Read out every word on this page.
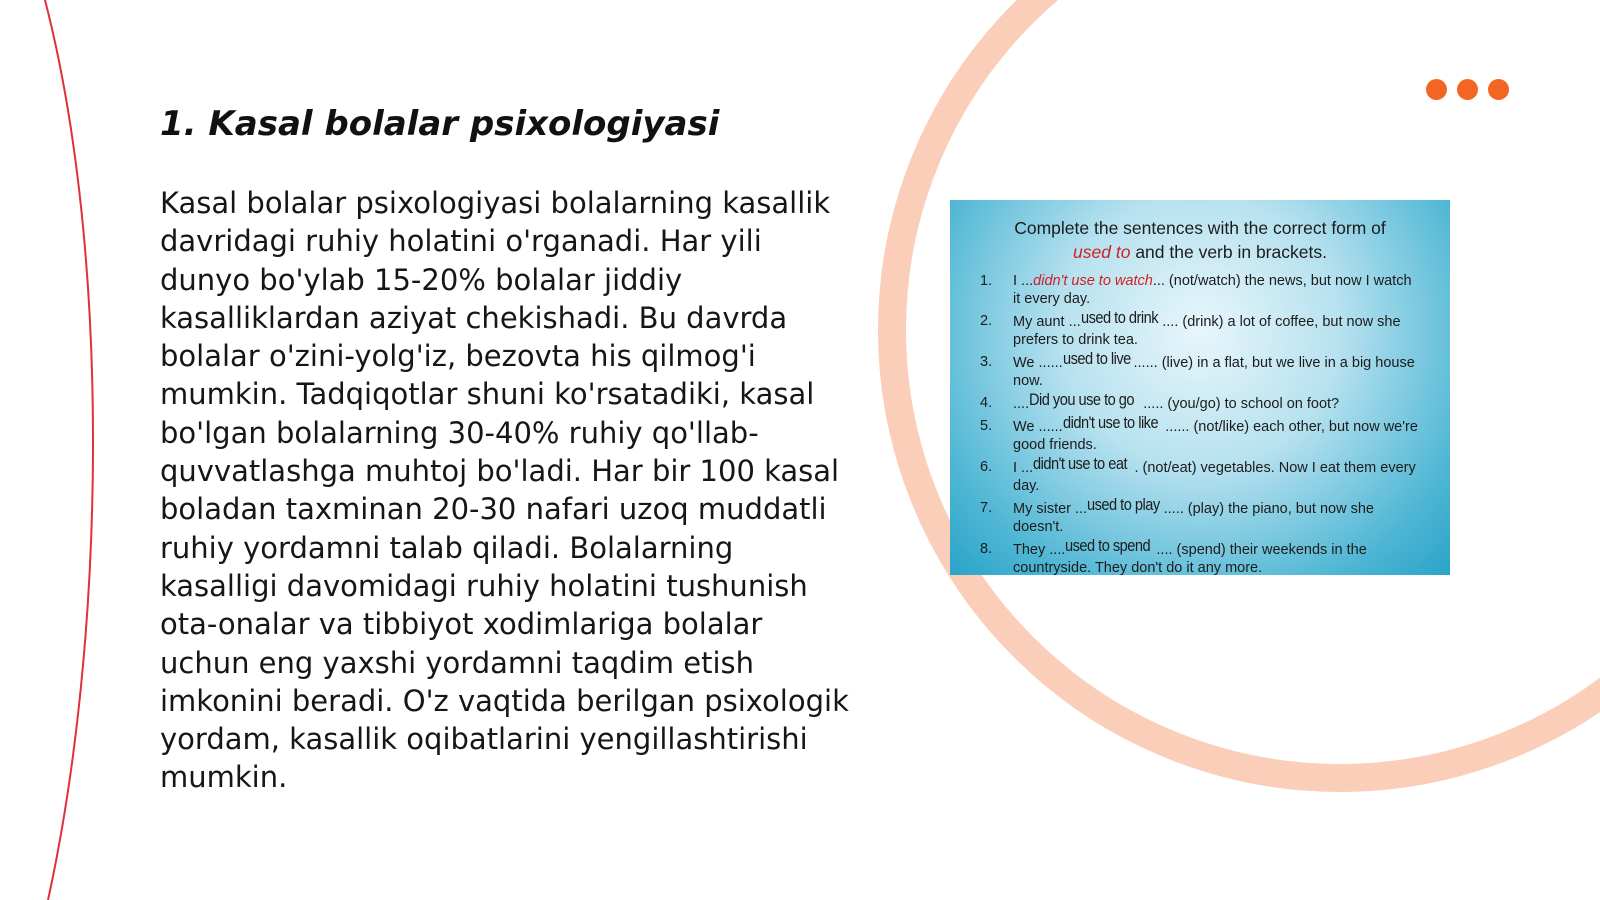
1. Kasal bolalar psixologiyasi

Kasal bolalar psixologiyasi bolalarning kasallik davridagi ruhiy holatini o'rganadi. Har yili dunyo bo'ylab 15-20% bolalar jiddiy kasalliklardan aziyat chekishadi. Bu davrda bolalar o'zini-yolg'iz, bezovta his qilmog'i mumkin. Tadqiqotlar shuni ko'rsatadiki, kasal bo'lgan bolalarning 30-40% ruhiy qo'llab-quvvatlashga muhtoj bo'ladi. Har bir 100 kasal boladan taxminan 20-30 nafari uzoq muddatli ruhiy yordamni talab qiladi. Bolalarning kasalligi davomidagi ruhiy holatini tushunish ota-onalar va tibbiyot xodimlariga bolalar uchun eng yaxshi yordamni taqdim etish imkonini beradi. O'z vaqtida berilgan psixologik yordam, kasallik oqibatlarini yengillashtirishi mumkin.

Complete the sentences with the correct form of
used to and the verb in brackets.
1. I ...didn't use to watch... (not/watch) the news, but now I watch it every day.
2. My aunt ...used to drink .... (drink) a lot of coffee, but now she prefers to drink tea.
3. We ......used to live ...... (live) in a flat, but we live in a big house now.
4. ....Did you use to go ..... (you/go) to school on foot?
5. We ......didn't use to like ...... (not/like) each other, but now we're good friends.
6. I ...didn't use to eat . (not/eat) vegetables. Now I eat them every day.
7. My sister ...used to play ..... (play) the piano, but now she doesn't.
8. They ....used to spend .... (spend) their weekends in the countryside. They don't do it any more.
